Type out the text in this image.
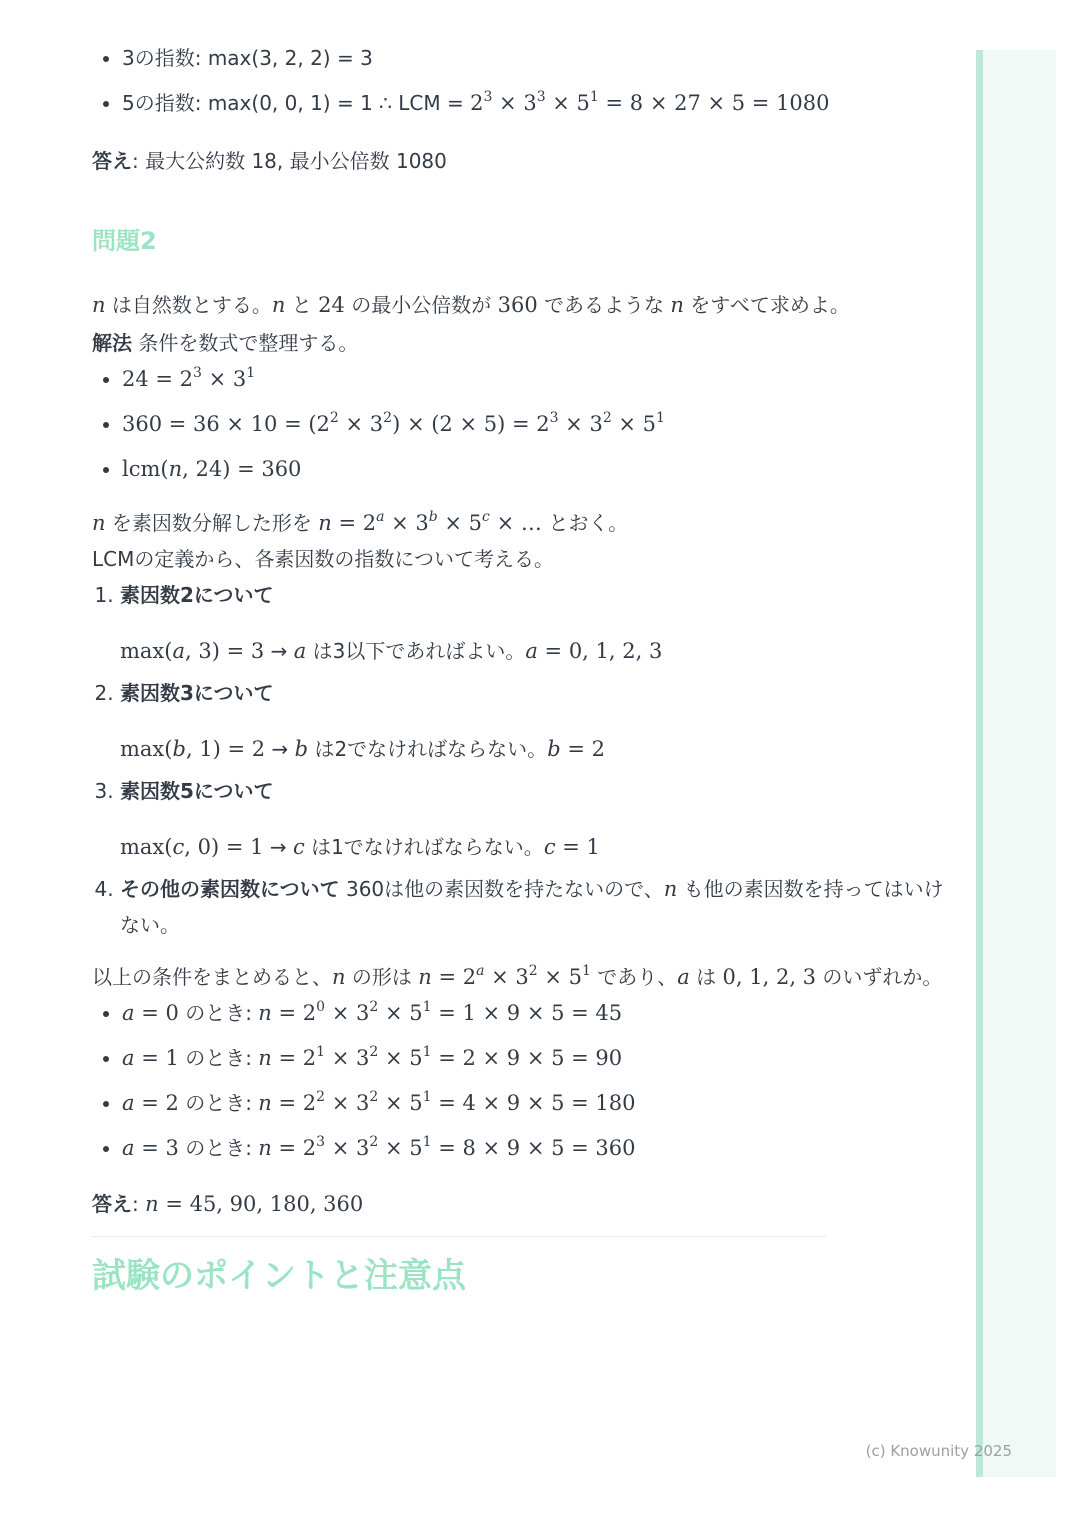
• 3の指数: max(3, 2, 2) = 3
• 5の指数: max(0, 0, 1) = 1 ∴ LCM = $2^3 \times 3^3 \times 5^1 = 8 \times 27 \times 5 = 1080$

答え: 最大公約数 18, 最小公倍数 1080

問題2

n は自然数とする。n と 24 の最小公倍数が 360 であるような n をすべて求めよ。

解法 条件を数式で整理する。

• $24 = 2^3 \times 3^1$
• $360 = 36 \times 10 = (2^2 \times 3^2) \times (2 \times 5) = 2^3 \times 3^2 \times 5^1$
• lcm(n, 24) = 360

n を素因数分解した形を $n = 2^a \times 3^b \times 5^c$ × … とおく。

LCMの定義から、各素因数の指数について考える。

1. 素因数2について
max(a, 3) = 3 → a は3以下であればよい。a = 0, 1, 2, 3
2. 素因数3について
max(b, 1) = 2 → b は2でなければならない。b = 2
3. 素因数5について
max(c, 0) = 1 → c は1でなければならない。c = 1
4. その他の素因数について 360は他の素因数を持たないので、n も他の素因数を持ってはいけない。

以上の条件をまとめると、n の形は $n = 2^a \times 3^2 \times 5^1$ であり、a は 0, 1, 2, 3 のいずれか。

• a = 0 のとき: $n = 2^0 \times 3^2 \times 5^1 = 1 \times 9 \times 5 = 45$
• a = 1 のとき: $n = 2^1 \times 3^2 \times 5^1 = 2 \times 9 \times 5 = 90$
• a = 2 のとき: $n = 2^2 \times 3^2 \times 5^1 = 4 \times 9 \times 5 = 180$
• a = 3 のとき: $n = 2^3 \times 3^2 \times 5^1 = 8 \times 9 \times 5 = 360$

答え: n = 45, 90, 180, 360

試験のポイントと注意点
(c) Knowunity 2025
